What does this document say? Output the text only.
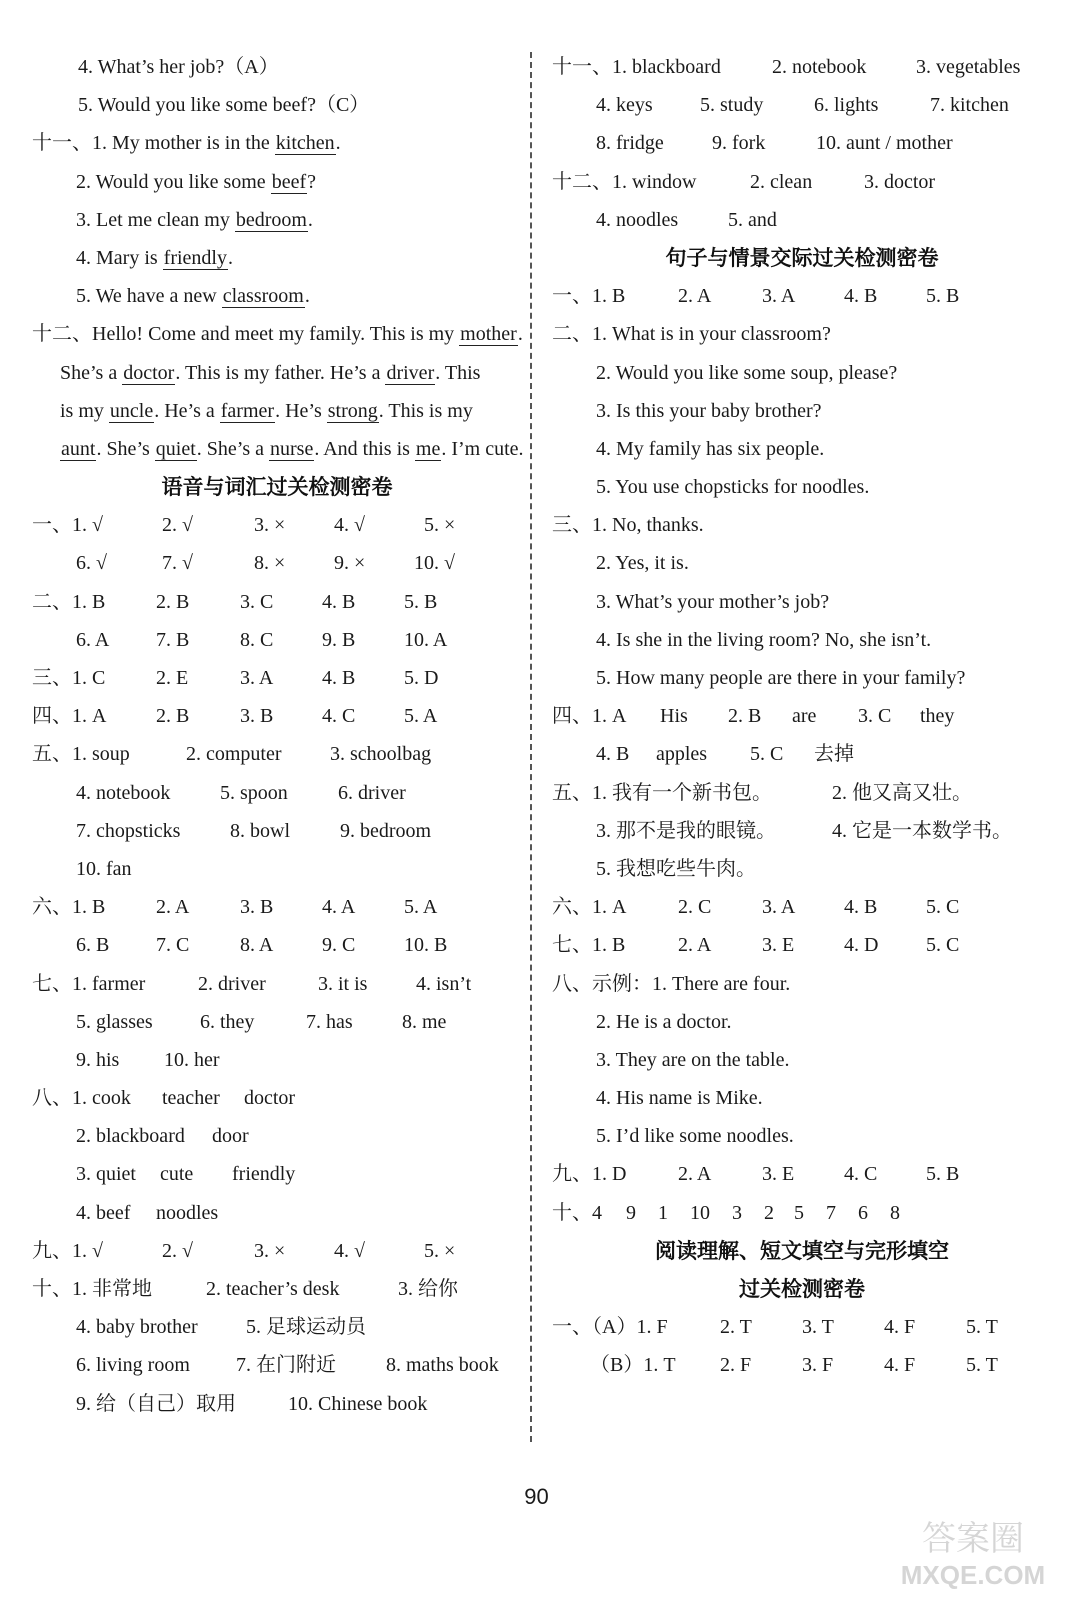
4. What’s her job?（A）
5. Would you like some beef?（C）
十一、1. My mother is in the kitchen.
2. Would you like some beef?
3. Let me clean my bedroom.
4. Mary is friendly.
5. We have a new classroom.
十二、Hello! Come and meet my family. This is my mother.
She’s a doctor. This is my father. He’s a driver. This
is my uncle. He’s a farmer. He’s strong. This is my
aunt. She’s quiet. She’s a nurse. And this is me. I’m cute.
语音与词汇过关检测密卷
一、1. √	2. √	3. × 4. √	5. ×
6. √	7. √	8. × 9. × 10. √
二、1. B	2. B	3. C 4. B 5. B
6. A 7. B	8. C 9. B 10. A
三、1. C	2. E	3. A 4. B 5. D
四、1. A 2. B	3. B 4. C 5. A
五、1. soup	2. computer 3. schoolbag
4. notebook 5. spoon	6. driver
7. chopsticks 8. bowl	9. bedroom
10. fan
六、1. B	2. A	3. B 4. A 5. A
6. B 7. C	8. A 9. C 10. B
七、1. farmer	2. driver	3. it is 4. isn’t
5. glasses 6. they	7. has 8. me
9. his 10. her
八、1. cook teacher doctor
2. blackboard door
3. quiet cute friendly
4. beef noodles
九、1. √	2. √	3. × 4. √	5. ×
十、1. 非常地	2. teacher’s desk	3. 给你
4. baby brother 5. 足球运动员
6. living room 7. 在门附近	8. maths book
9. 给（自己）取用	10. Chinese book
十一、1. blackboard	2. notebook 3. vegetables
4. keys 5. study	6. lights	7. kitchen
8. fridge 9. fork	10. aunt / mother
十二、1. window	2. clean	3. doctor
4. noodles 5. and
句子与情景交际过关检测密卷
一、1. B	2. A	3. A 4. B 5. B
二、1. What is in your classroom?
2. Would you like some soup, please?
3. Is this your baby brother?
4. My family has six people.
5. You use chopsticks for noodles.
三、1. No, thanks.
2. Yes, it is.
3. What’s your mother’s job?
4. Is she in the living room? No, she isn’t.
5. How many people are there in your family?
四、1. A His 2. B are 3. C they
4. B apples 5. C 去掉
五、1. 我有一个新书包。	2. 他又高又壮。
3. 那不是我的眼镜。	4. 它是一本数学书。
5. 我想吃些牛肉。
六、1. A	2. C	3. A 4. B 5. C
七、1. B	2. A	3. E 4. D 5. C
八、示例：1. There are four.
2. He is a doctor.
3. They are on the table.
4. His name is Mike.
5. I’d like some noodles.
九、1. D	2. A	3. E 4. C 5. B
十、4 9 1 10 3 2 5 7 6 8
阅读理解、短文填空与完形填空
过关检测密卷
一、（A）1. F	2. T	3. T	4. F	5. T
（B）1. T 2. F	3. F	4. F	5. T
90
答案圈
MXQE.COM
